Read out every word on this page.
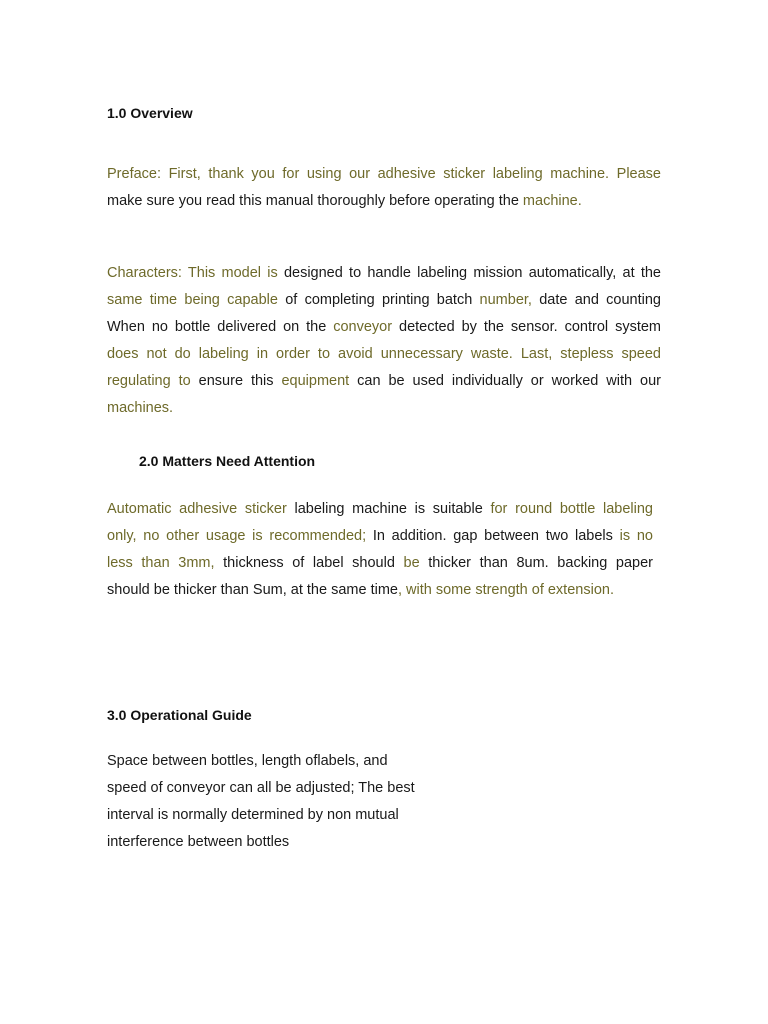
1.0 Overview
Preface: First, thank you for using our adhesive sticker labeling machine. Please
make sure you read this manual thoroughly before operating the machine.
Characters: This model is designed to handle labeling mission automatically, at the
same time being capable of completing printing batch number, date and counting
When no bottle delivered on the conveyor detected by the sensor. control system
does not do labeling in order to avoid unnecessary waste. Last, stepless speed
regulating to ensure this equipment can be used individually or worked with our
machines.
2.0 Matters Need Attention
Automatic adhesive sticker labeling machine is suitable for round bottle labeling
only, no other usage is recommended; In addition. gap between two labels is no
less than 3mm, thickness of label should be thicker than 8um. backing paper
should be thicker than Sum, at the same time, with some strength of extension.
3.0 Operational Guide
Space between bottles, length oflabels, and
speed of conveyor can all be adjusted; The best
interval is normally determined by non mutual
interference between bottles
